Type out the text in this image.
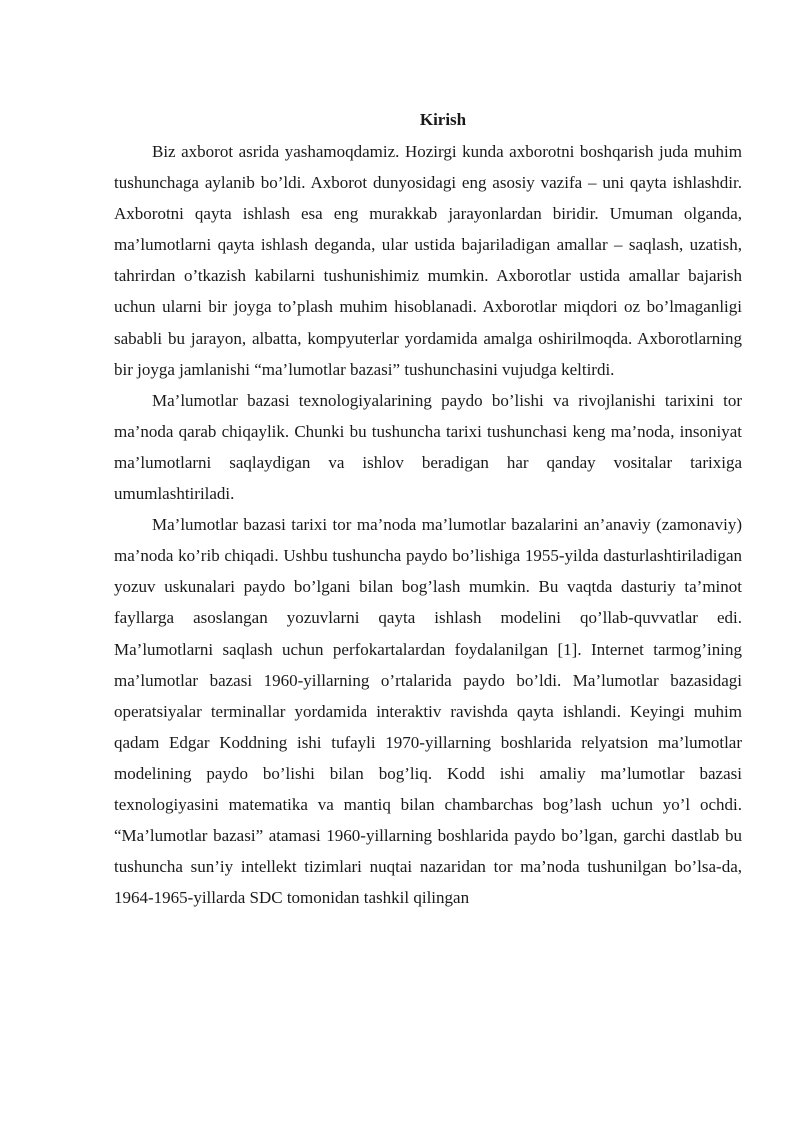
Kirish

Biz axborot asrida yashamoqdamiz. Hozirgi kunda axborotni boshqarish juda muhim tushunchaga aylanib bo’ldi. Axborot dunyosidagi eng asosiy vazifa – uni qayta ishlashdir. Axborotni qayta ishlash esa eng murakkab jarayonlardan biridir. Umuman olganda, ma’lumotlarni qayta ishlash deganda, ular ustida bajariladigan amallar – saqlash, uzatish, tahrirdan o’tkazish kabilarni tushunishimiz mumkin. Axborotlar ustida amallar bajarish uchun ularni bir joyga to’plash muhim hisoblanadi. Axborotlar miqdori oz bo’lmaganligi sababli bu jarayon, albatta, kompyuterlar yordamida amalga oshirilmoqda. Axborotlarning bir joyga jamlanishi “ma’lumotlar bazasi” tushunchasini vujudga keltirdi.

Ma’lumotlar bazasi texnologiyalarining paydo bo’lishi va rivojlanishi tarixini tor ma’noda qarab chiqaylik. Chunki bu tushuncha tarixi tushunchasi keng ma’noda, insoniyat ma’lumotlarni saqlaydigan va ishlov beradigan har qanday vositalar tarixiga umumlashtiriladi.

Ma’lumotlar bazasi tarixi tor ma’noda ma’lumotlar bazalarini an’anaviy (zamonaviy) ma’noda ko’rib chiqadi. Ushbu tushuncha paydo bo’lishiga 1955-yilda dasturlashtiriladigan yozuv uskunalari paydo bo’lgani bilan bog’lash mumkin. Bu vaqtda dasturiy ta’minot fayllarga asoslangan yozuvlarni qayta ishlash modelini qo’llab-quvvatlar edi. Ma’lumotlarni saqlash uchun perfokartalardan foydalanilgan [1]. Internet tarmog’ining ma’lumotlar bazasi 1960-yillarning o’rtalarida paydo bo’ldi. Ma’lumotlar bazasidagi operatsiyalar terminallar yordamida interaktiv ravishda qayta ishlandi. Keyingi muhim qadam Edgar Koddning ishi tufayli 1970-yillarning boshlarida relyatsion ma’lumotlar modelining paydo bo’lishi bilan bog’liq. Kodd ishi amaliy ma’lumotlar bazasi texnologiyasini matematika va mantiq bilan chambarchas bog’lash uchun yo’l ochdi. “Ma’lumotlar bazasi” atamasi 1960-yillarning boshlarida paydo bo’lgan, garchi dastlab bu tushuncha sun’iy intellekt tizimlari nuqtai nazaridan tor ma’noda tushunilgan bo’lsa-da, 1964-1965-yillarda SDC tomonidan tashkil qilingan
